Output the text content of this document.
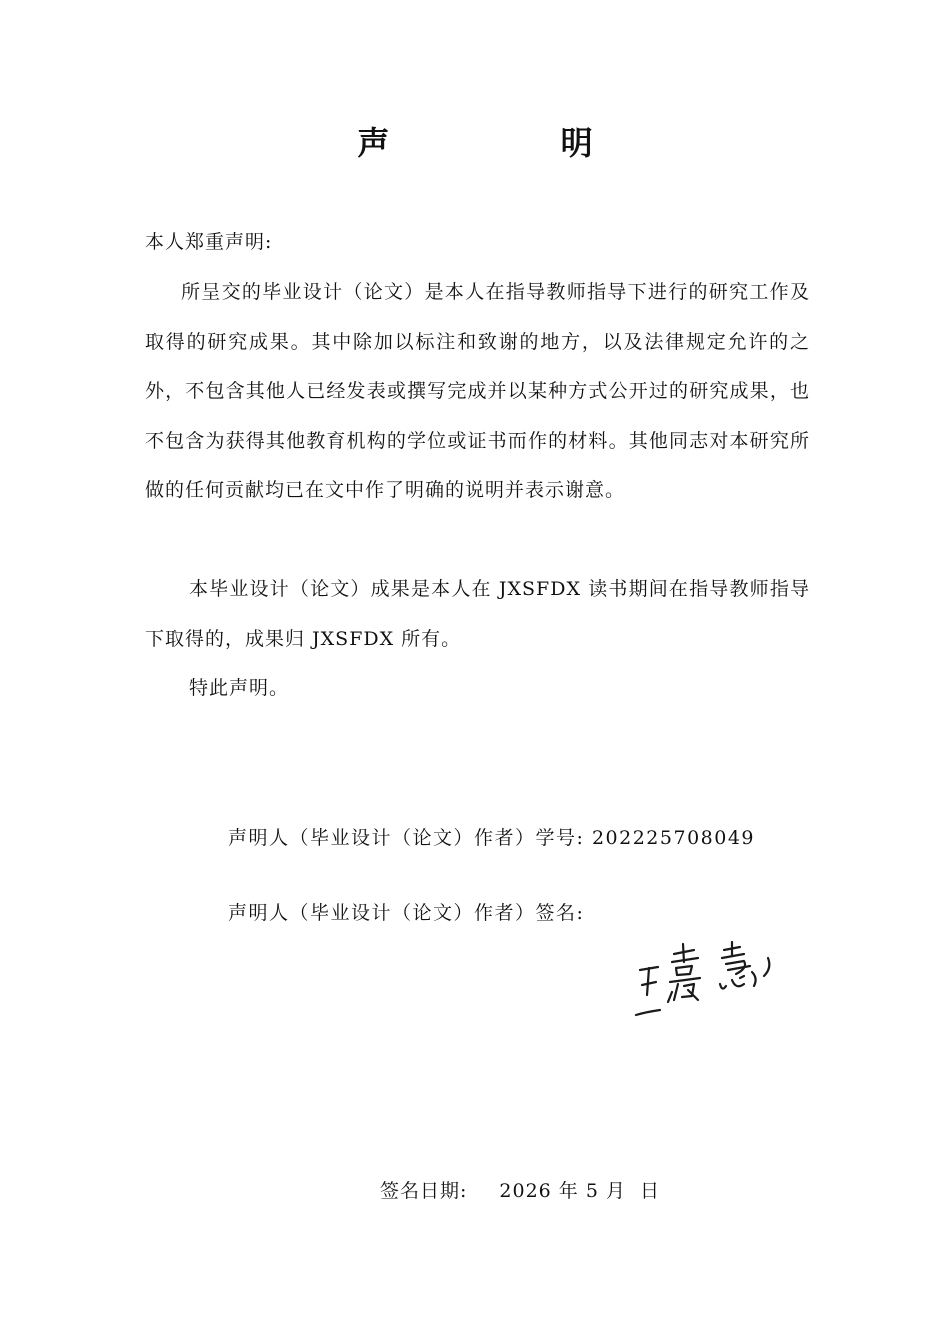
声 明
本人郑重声明:
所呈交的毕业设计（论文）是本人在指导教师指导下进行的研究工作及取得的研究成果。其中除加以标注和致谢的地方，以及法律规定允许的之外，不包含其他人已经发表或撰写完成并以某种方式公开过的研究成果，也不包含为获得其他教育机构的学位或证书而作的材料。其他同志对本研究所做的任何贡献均已在文中作了明确的说明并表示谢意。
本毕业设计（论文）成果是本人在 JXSFDX 读书期间在指导教师指导下取得的，成果归 JXSFDX 所有。
特此声明。
声明人（毕业设计（论文）作者）学号: 202225708049
声明人（毕业设计（论文）作者）签名:
签名日期: 2026 年 5 月 日
